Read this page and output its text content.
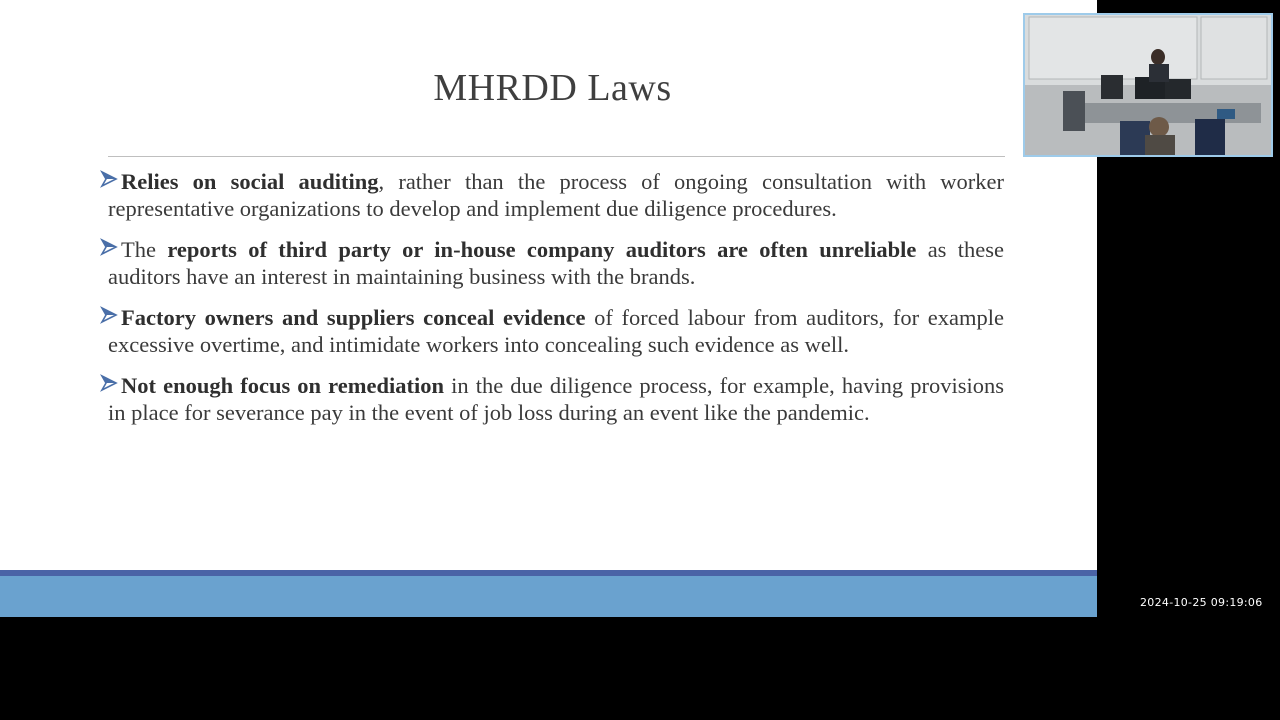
MHRDD Laws
Relies on social auditing, rather than the process of ongoing consultation with worker representative organizations to develop and implement due diligence procedures.
The reports of third party or in-house company auditors are often unreliable as these auditors have an interest in maintaining business with the brands.
Factory owners and suppliers conceal evidence of forced labour from auditors, for example excessive overtime, and intimidate workers into concealing such evidence as well.
Not enough focus on remediation in the due diligence process, for example, having provisions in place for severance pay in the event of job loss during an event like the pandemic.
2024-10-25 09:19:06
